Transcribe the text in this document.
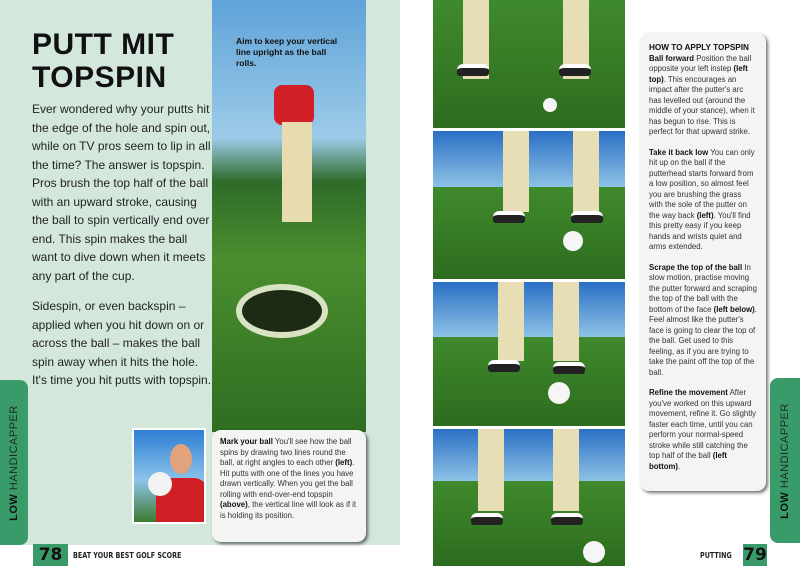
PUTT MIT TOPSPIN

Ever wondered why your putts hit the edge of the hole and spin out, while on TV pros seem to lip in all the time? The answer is topspin. Pros brush the top half of the ball with an upward stroke, causing the ball to spin vertically end over end. This spin makes the ball want to dive down when it meets any part of the cup.

Sidespin, or even backspin – applied when you hit down on or across the ball – makes the ball spin away when it hits the hole. It's time you hit putts with topspin.

Aim to keep your vertical line upright as the ball rolls.

Mark your ball You'll see how the ball spins by drawing two lines round the ball, at right angles to each other (left). Hit putts with one of the lines you have drawn vertically. When you get the ball rolling with end-over-end topspin (above), the vertical line will look as if it is holding its position.

LOW HANDICAPPER
78	BEAT YOUR BEST GOLF SCORE
HOW TO APPLY TOPSPIN

Ball forward Position the ball opposite your left instep (left top). This encourages an impact after the putter's arc has levelled out (around the middle of your stance), when it has begun to rise. This is perfect for that upward strike.

Take it back low You can only hit up on the ball if the putterhead starts forward from a low position, so almost feel you are brushing the grass with the sole of the putter on the way back (left). You'll find this pretty easy if you keep hands and wrists quiet and arms extended.

Scrape the top of the ball In slow motion, practise moving the putter forward and scraping the top of the ball with the bottom of the face (left below). Feel almost like the putter's face is going to clear the top of the ball. Get used to this feeling, as if you are trying to take the paint off the top of the ball.

Refine the movement After you've worked on this upward movement, refine it. Go slightly faster each time, until you can perform your normal-speed stroke while still catching the top half of the ball (left bottom).

LOW HANDICAPPER
PUTTING 79
